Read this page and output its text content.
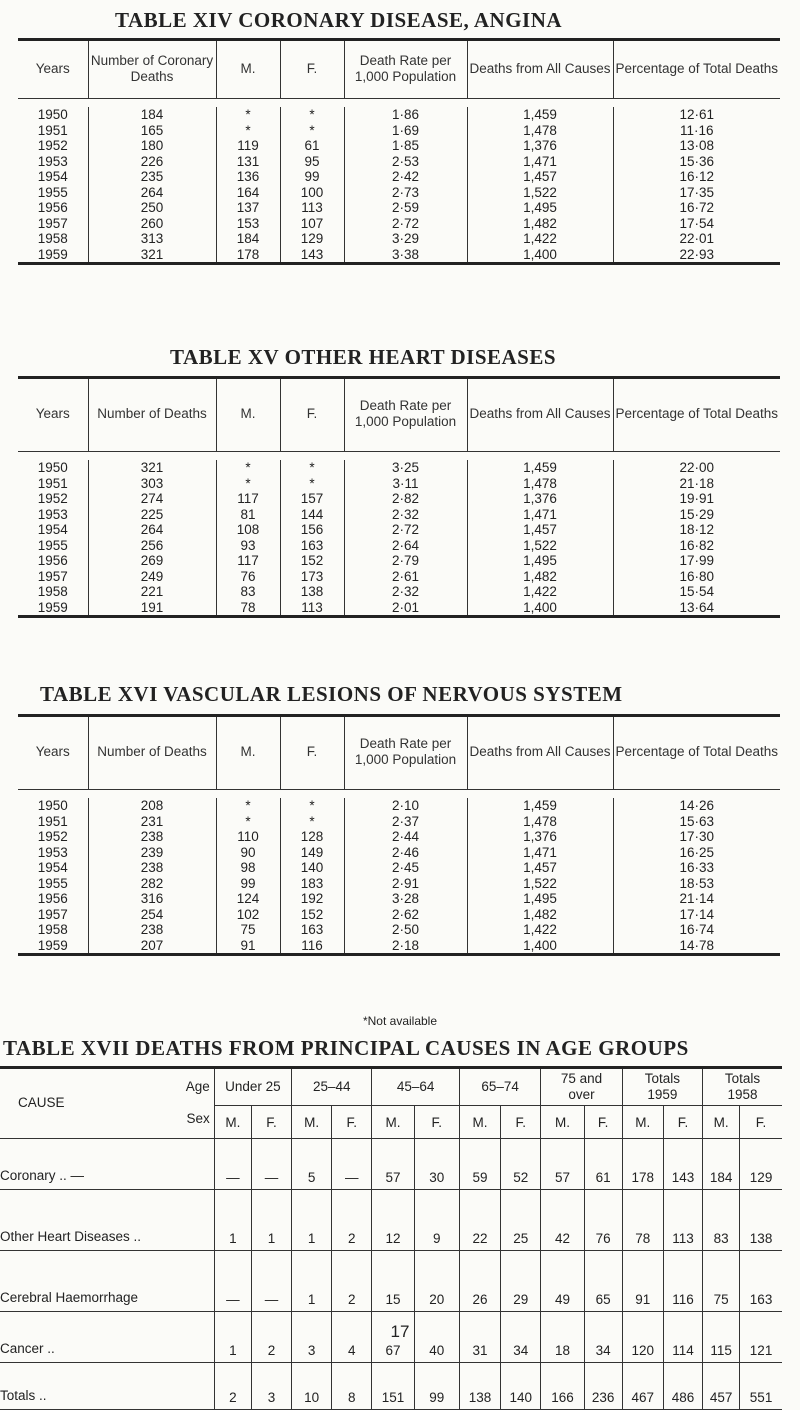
TABLE XIV CORONARY DISEASE, ANGINA
Years	Number of Coronary Deaths	M.	F.	Death Rate per 1,000 Population	Deaths from All Causes	Percentage of Total Deaths

1950	184	*	*	1·86	1,459	12·61
1951	165	*	*	1·69	1,478	11·16
1952	180	119	61	1·85	1,376	13·08
1953	226	131	95	2·53	1,471	15·36
1954	235	136	99	2·42	1,457	16·12
1955	264	164	100	2·73	1,522	17·35
1956	250	137	113	2·59	1,495	16·72
1957	260	153	107	2·72	1,482	17·54
1958	313	184	129	3·29	1,422	22·01
1959	321	178	143	3·38	1,400	22·93
TABLE XV OTHER HEART DISEASES
Years	Number of Deaths	M.	F.	Death Rate per 1,000 Population	Deaths from All Causes	Percentage of Total Deaths

1950	321	*	*	3·25	1,459	22·00
1951	303	*	*	3·11	1,478	21·18
1952	274	117	157	2·82	1,376	19·91
1953	225	81	144	2·32	1,471	15·29
1954	264	108	156	2·72	1,457	18·12
1955	256	93	163	2·64	1,522	16·82
1956	269	117	152	2·79	1,495	17·99
1957	249	76	173	2·61	1,482	16·80
1958	221	83	138	2·32	1,422	15·54
1959	191	78	113	2·01	1,400	13·64
TABLE XVI VASCULAR LESIONS OF NERVOUS SYSTEM
Years	Number of Deaths	M.	F.	Death Rate per 1,000 Population	Deaths from All Causes	Percentage of Total Deaths

1950	208	*	*	2·10	1,459	14·26
1951	231	*	*	2·37	1,478	15·63
1952	238	110	128	2·44	1,376	17·30
1953	239	90	149	2·46	1,471	16·25
1954	238	98	140	2·45	1,457	16·33
1955	282	99	183	2·91	1,522	18·53
1956	316	124	192	3·28	1,495	21·14
1957	254	102	152	2·62	1,482	17·14
1958	238	75	163	2·50	1,422	16·74
1959	207	91	116	2·18	1,400	14·78
*Not available
TABLE XVII DEATHS FROM PRINCIPAL CAUSES IN AGE GROUPS
CAUSE
Age
Sex	Under 25		25–44		45–64		65–74		75 and over		Totals 1959		Totals 1958	
	M.	F.	M.	F.	M.	F.	M.	F.	M.	F.	M.	F.	M.	F.
Coronary .. —	—	—	5	—	57	30	59	52	57	61	178	143	184	129
Other Heart Diseases ..	1	1	1	2	12	9	22	25	42	76	78	113	83	138
Cerebral Haemorrhage	—	—	1	2	15	20	26	29	49	65	91	116	75	163
Cancer ..	1	2	3	4	67	40	31	34	18	34	120	114	115	121
Totals ..	2	3	10	8	151	99	138	140	166	236	467	486	457	551
17
